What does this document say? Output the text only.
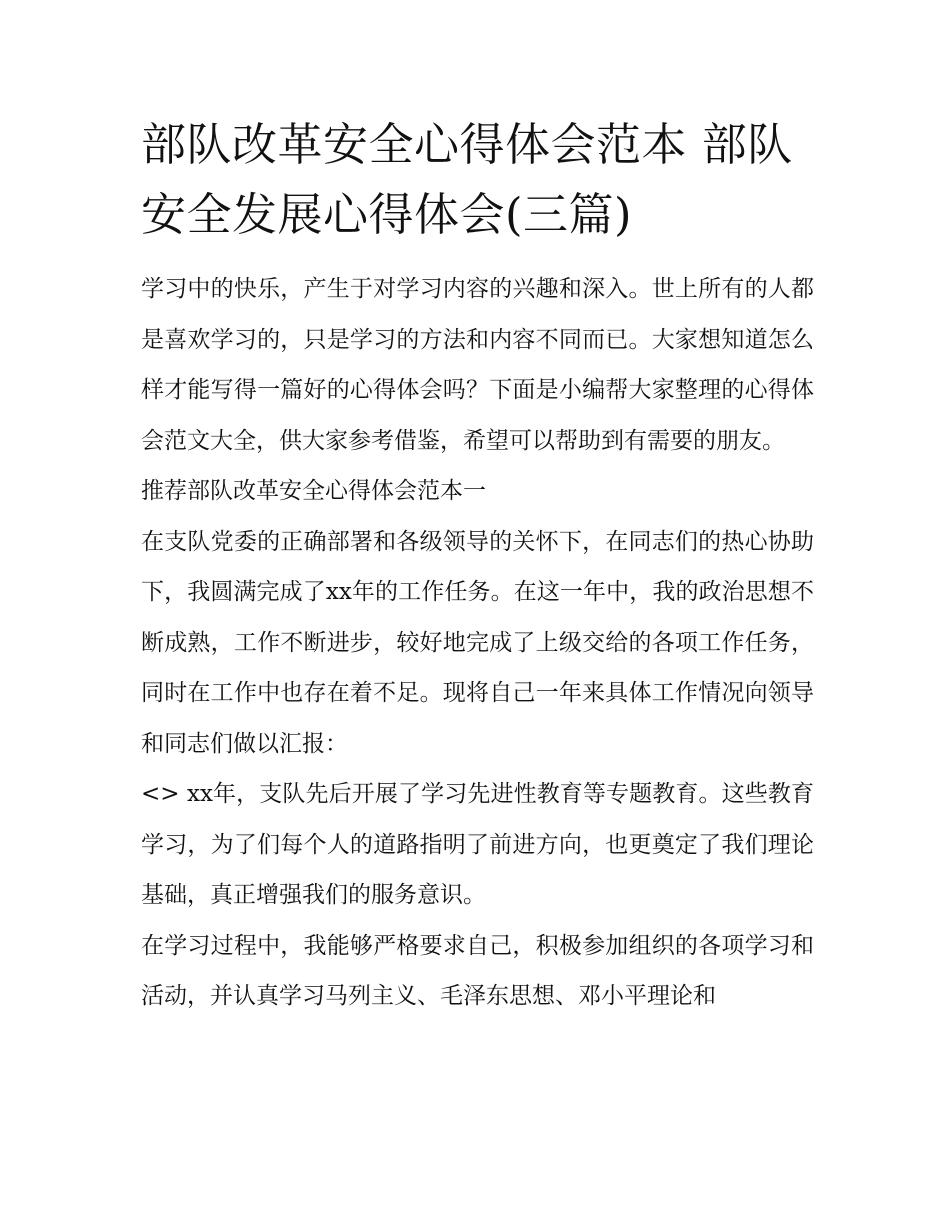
部队改革安全心得体会范本 部队安全发展心得体会(三篇)

学习中的快乐，产生于对学习内容的兴趣和深入。世上所有的人都是喜欢学习的，只是学习的方法和内容不同而已。大家想知道怎么样才能写得一篇好的心得体会吗？下面是小编帮大家整理的心得体会范文大全，供大家参考借鉴，希望可以帮助到有需要的朋友。

推荐部队改革安全心得体会范本一

在支队党委的正确部署和各级领导的关怀下，在同志们的热心协助下，我圆满完成了xx年的工作任务。在这一年中，我的政治思想不断成熟，工作不断进步，较好地完成了上级交给的各项工作任务，同时在工作中也存在着不足。现将自己一年来具体工作情况向领导和同志们做以汇报：

<> xx年，支队先后开展了学习先进性教育等专题教育。这些教育学习，为了们每个人的道路指明了前进方向，也更奠定了我们理论基础，真正增强我们的服务意识。

在学习过程中，我能够严格要求自己，积极参加组织的各项学习和活动，并认真学习马列主义、毛泽东思想、邓小平理论和
